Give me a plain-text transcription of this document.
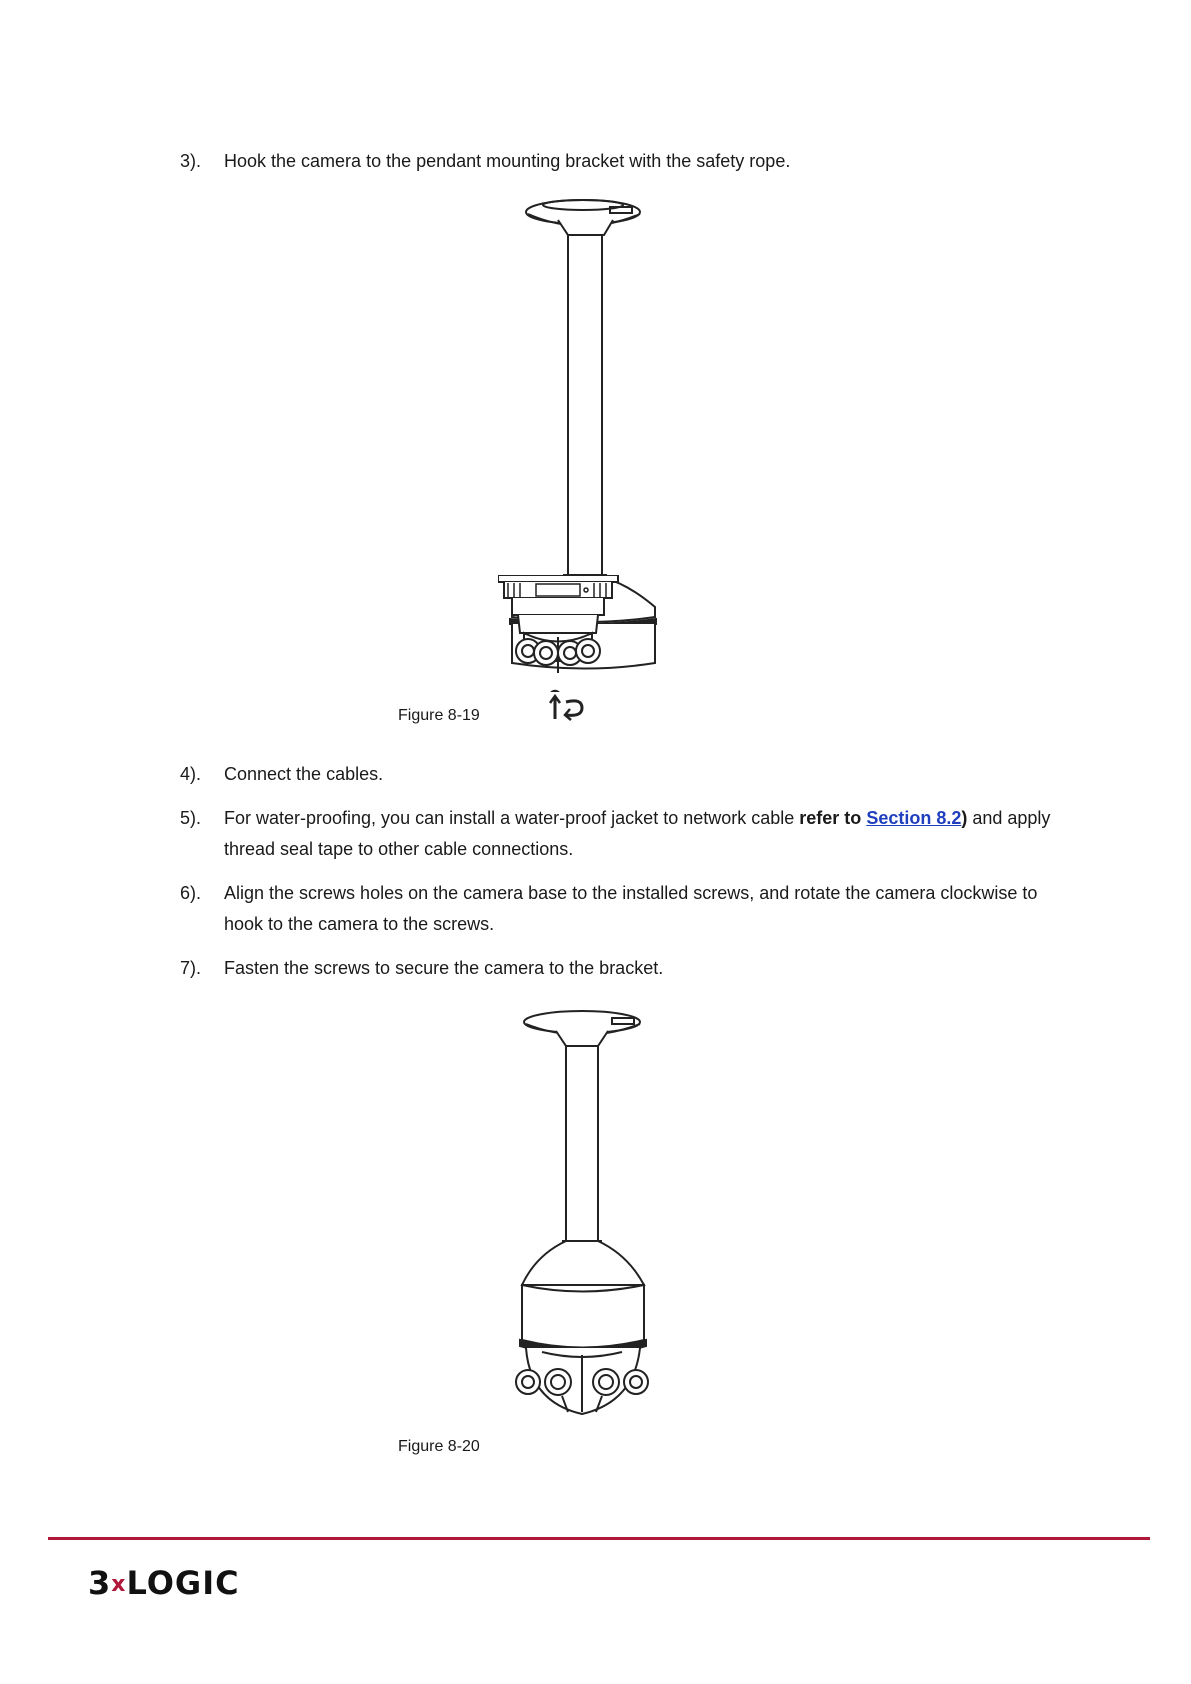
3). Hook the camera to the pendant mounting bracket with the safety rope.
Figure 8-19
4). Connect the cables.
5). For water-proofing, you can install a water-proof jacket to network cable refer to Section 8.2) and apply thread seal tape to other cable connections.
6). Align the screws holes on the camera base to the installed screws, and rotate the camera clockwise to hook to the camera to the screws.
7). Fasten the screws to secure the camera to the bracket.
Figure 8-20
3xLOGIC
